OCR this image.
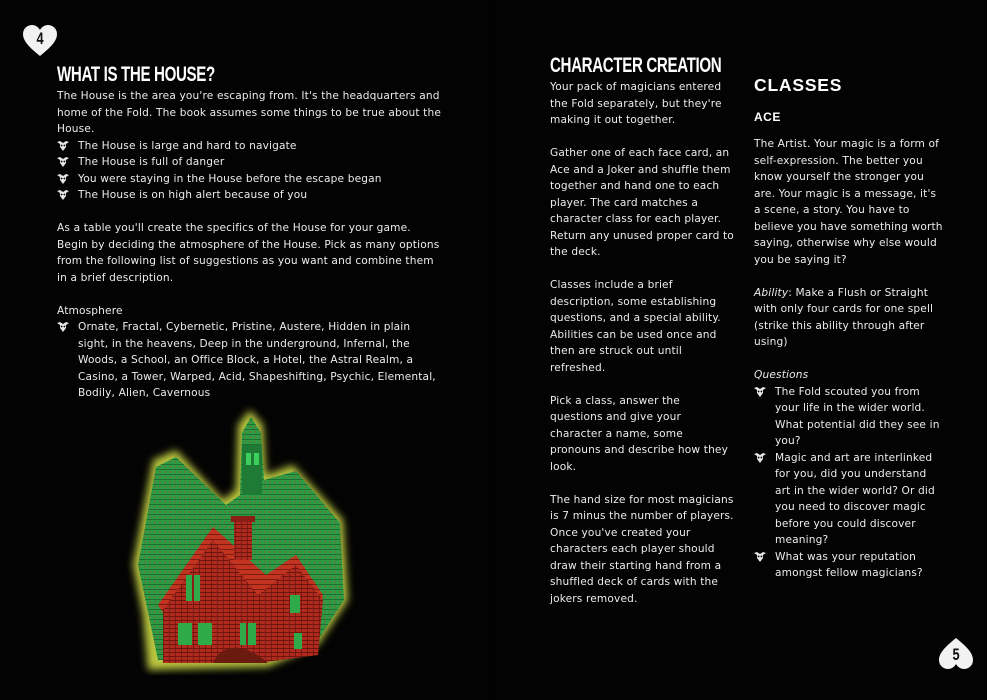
4
WHAT IS THE HOUSE?

The House is the area you're escaping from. It's the headquarters and home of the Fold. The book assumes some things to be true about the House.

The House is large and hard to navigate
The House is full of danger
You were staying in the House before the escape began
The House is on high alert because of you

As a table you'll create the specifics of the House for your game. Begin by deciding the atmosphere of the House. Pick as many options from the following list of suggestions as you want and combine them in a brief description.

Atmosphere

Ornate, Fractal, Cybernetic, Pristine, Austere, Hidden in plain sight, in the heavens, Deep in the underground, Infernal, the Woods, a School, an Office Block, a Hotel, the Astral Realm, a Casino, a Tower, Warped, Acid, Shapeshifting, Psychic, Elemental, Bodily, Alien, Cavernous
CHARACTER CREATION

Your pack of magicians entered the Fold separately, but they're making it out together.

Gather one of each face card, an Ace and a Joker and shuffle them together and hand one to each player. The card matches a character class for each player. Return any unused proper card to the deck.

Classes include a brief description, some establishing questions, and a special ability. Abilities can be used once and then are struck out until refreshed.

Pick a class, answer the questions and give your character a name, some pronouns and describe how they look.

The hand size for most magicians is 7 minus the number of players. Once you've created your characters each player should draw their starting hand from a shuffled deck of cards with the jokers removed.

CLASSES
ACE

The Artist. Your magic is a form of self-expression. The better you know yourself the stronger you are. Your magic is a message, it's a scene, a story. You have to believe you have something worth saying, otherwise why else would you be saying it?

Ability: Make a Flush or Straight with only four cards for one spell (strike this ability through after using)

Questions

The Fold scouted you from your life in the wider world. What potential did they see in you?
Magic and art are interlinked for you, did you understand art in the wider world? Or did you need to discover magic before you could discover meaning?
What was your reputation amongst fellow magicians?
5
